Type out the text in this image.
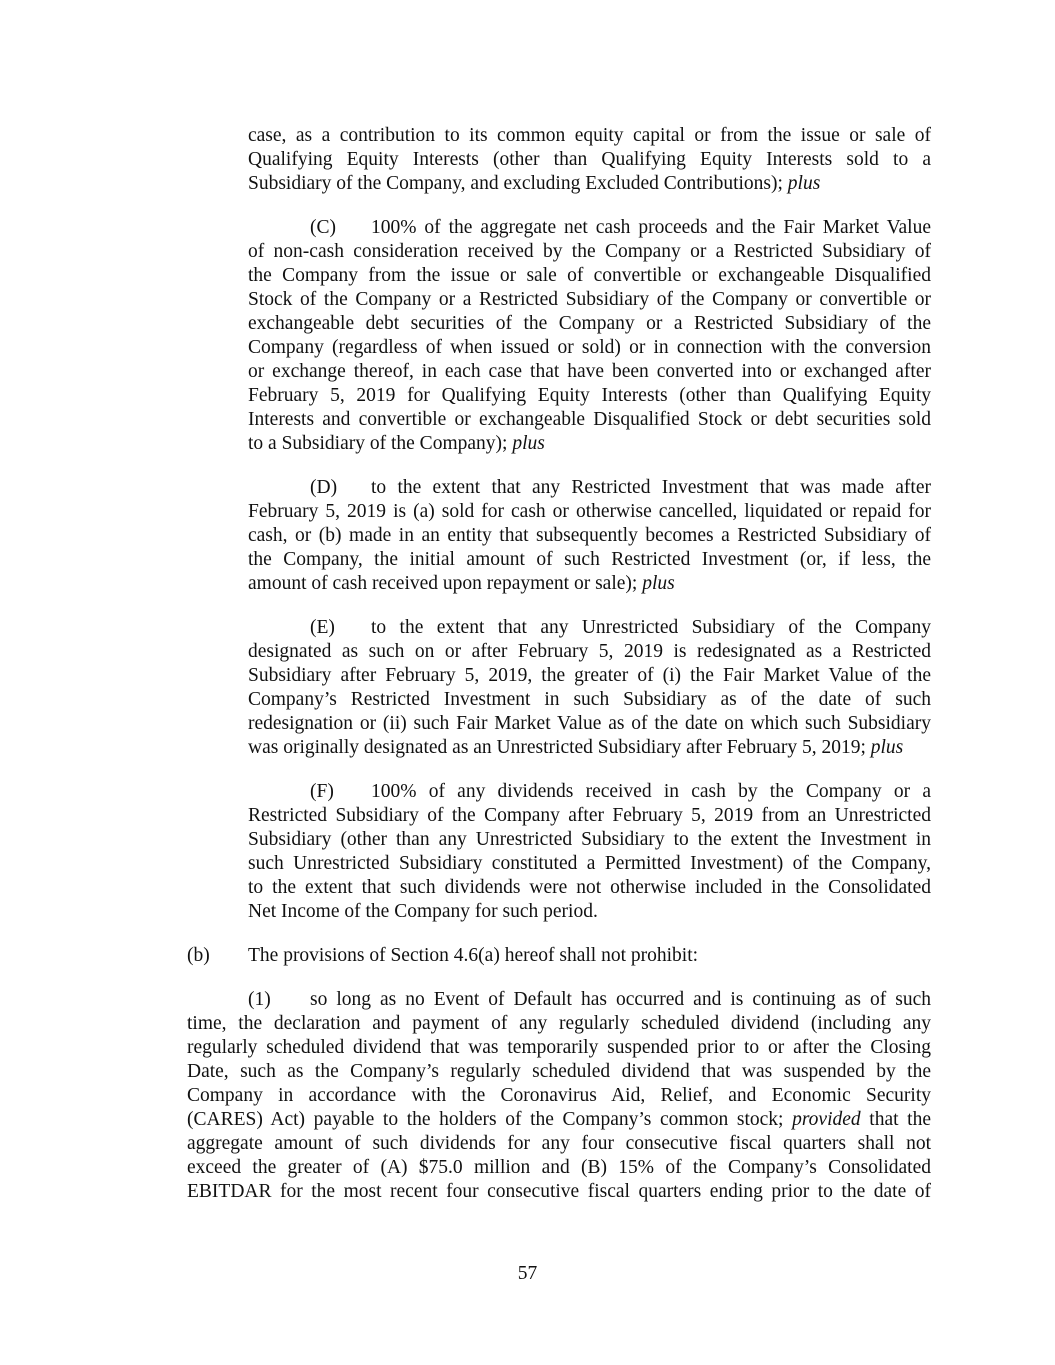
case, as a contribution to its common equity capital or from the issue or sale of
Qualifying Equity Interests (other than Qualifying Equity Interests sold to a
Subsidiary of the Company, and excluding Excluded Contributions); plus
(C) 100% of the aggregate net cash proceeds and the Fair Market Value
of non-cash consideration received by the Company or a Restricted Subsidiary of
the Company from the issue or sale of convertible or exchangeable Disqualified
Stock of the Company or a Restricted Subsidiary of the Company or convertible or
exchangeable debt securities of the Company or a Restricted Subsidiary of the
Company (regardless of when issued or sold) or in connection with the conversion
or exchange thereof, in each case that have been converted into or exchanged after
February 5, 2019 for Qualifying Equity Interests (other than Qualifying Equity
Interests and convertible or exchangeable Disqualified Stock or debt securities sold
to a Subsidiary of the Company); plus
(D) to the extent that any Restricted Investment that was made after
February 5, 2019 is (a) sold for cash or otherwise cancelled, liquidated or repaid for
cash, or (b) made in an entity that subsequently becomes a Restricted Subsidiary of
the Company, the initial amount of such Restricted Investment (or, if less, the
amount of cash received upon repayment or sale); plus
(E) to the extent that any Unrestricted Subsidiary of the Company
designated as such on or after February 5, 2019 is redesignated as a Restricted
Subsidiary after February 5, 2019, the greater of (i) the Fair Market Value of the
Company’s Restricted Investment in such Subsidiary as of the date of such
redesignation or (ii) such Fair Market Value as of the date on which such Subsidiary
was originally designated as an Unrestricted Subsidiary after February 5, 2019; plus
(F) 100% of any dividends received in cash by the Company or a
Restricted Subsidiary of the Company after February 5, 2019 from an Unrestricted
Subsidiary (other than any Unrestricted Subsidiary to the extent the Investment in
such Unrestricted Subsidiary constituted a Permitted Investment) of the Company,
to the extent that such dividends were not otherwise included in the Consolidated
Net Income of the Company for such period.
(b) The provisions of Section 4.6(a) hereof shall not prohibit:
(1) so long as no Event of Default has occurred and is continuing as of such
time, the declaration and payment of any regularly scheduled dividend (including any
regularly scheduled dividend that was temporarily suspended prior to or after the Closing
Date, such as the Company’s regularly scheduled dividend that was suspended by the
Company in accordance with the Coronavirus Aid, Relief, and Economic Security
(CARES) Act) payable to the holders of the Company’s common stock; provided that the
aggregate amount of such dividends for any four consecutive fiscal quarters shall not
exceed the greater of (A) $75.0 million and (B) 15% of the Company’s Consolidated
EBITDAR for the most recent four consecutive fiscal quarters ending prior to the date of
57
